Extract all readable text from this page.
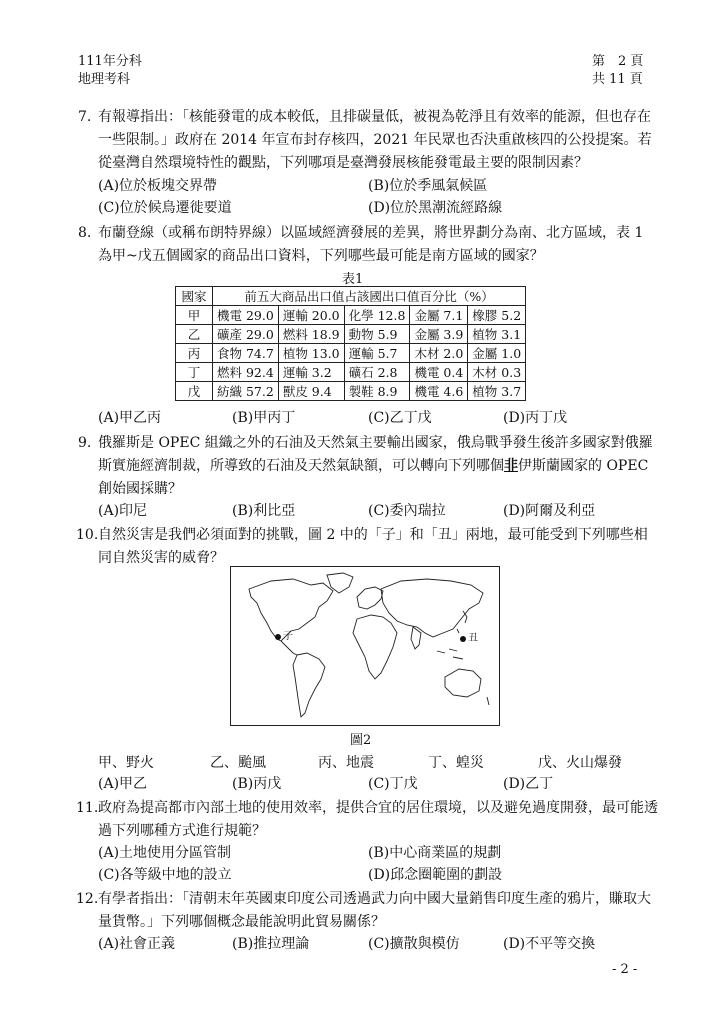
111年分科
地理考科
第　2 頁
共 11 頁
7. 有報導指出：「核能發電的成本較低，且排碳量低，被視為乾淨且有效率的能源，但也存在一些限制。」政府在 2014 年宣布封存核四，2021 年民眾也否決重啟核四的公投提案。若從臺灣自然環境特性的觀點，下列哪項是臺灣發展核能發電最主要的限制因素？
(A)位於板塊交界帶	(B)位於季風氣候區
(C)位於候鳥遷徙要道	(D)位於黑潮流經路線
8. 布蘭登線（或稱布朗特界線）以區域經濟發展的差異，將世界劃分為南、北方區域，表 1 為甲~戊五個國家的商品出口資料，下列哪些最可能是南方區域的國家？
表1
國家	前五大商品出口值占該國出口值百分比（%）				
甲	機電 29.0	運輸 20.0	化學 12.8	金屬 7.1	橡膠 5.2
乙	礦產 29.0	燃料 18.9	動物 5.9	金屬 3.9	植物 3.1
丙	食物 74.7	植物 13.0	運輸 5.7	木材 2.0	金屬 1.0
丁	燃料 92.4	運輸 3.2	礦石 2.8	機電 0.4	木材 0.3
戊	紡織 57.2	獸皮 9.4	製鞋 8.9	機電 4.6	植物 3.7
(A)甲乙丙	(B)甲丙丁	(C)乙丁戊	(D)丙丁戊
9. 俄羅斯是 OPEC 組織之外的石油及天然氣主要輸出國家，俄烏戰爭發生後許多國家對俄羅斯實施經濟制裁，所導致的石油及天然氣缺額，可以轉向下列哪個非伊斯蘭國家的 OPEC 創始國採購？
(A)印尼	(B)利比亞	(C)委內瑞拉	(D)阿爾及利亞
10. 自然災害是我們必須面對的挑戰，圖 2 中的「子」和「丑」兩地，最可能受到下列哪些相同自然災害的威脅？
子	丑
圖2
甲、野火	乙、颱風	丙、地震	丁、蝗災	戊、火山爆發
(A)甲乙	(B)丙戊	(C)丁戊	(D)乙丁
11. 政府為提高都市內部土地的使用效率，提供合宜的居住環境，以及避免過度開發，最可能透過下列哪種方式進行規範？
(A)土地使用分區管制	(B)中心商業區的規劃
(C)各等級中地的設立	(D)邱念圈範圍的劃設
12. 有學者指出：「清朝末年英國東印度公司透過武力向中國大量銷售印度生產的鴉片，賺取大量貨幣。」下列哪個概念最能說明此貿易關係？
(A)社會正義	(B)推拉理論	(C)擴散與模仿	(D)不平等交換
- 2 -
